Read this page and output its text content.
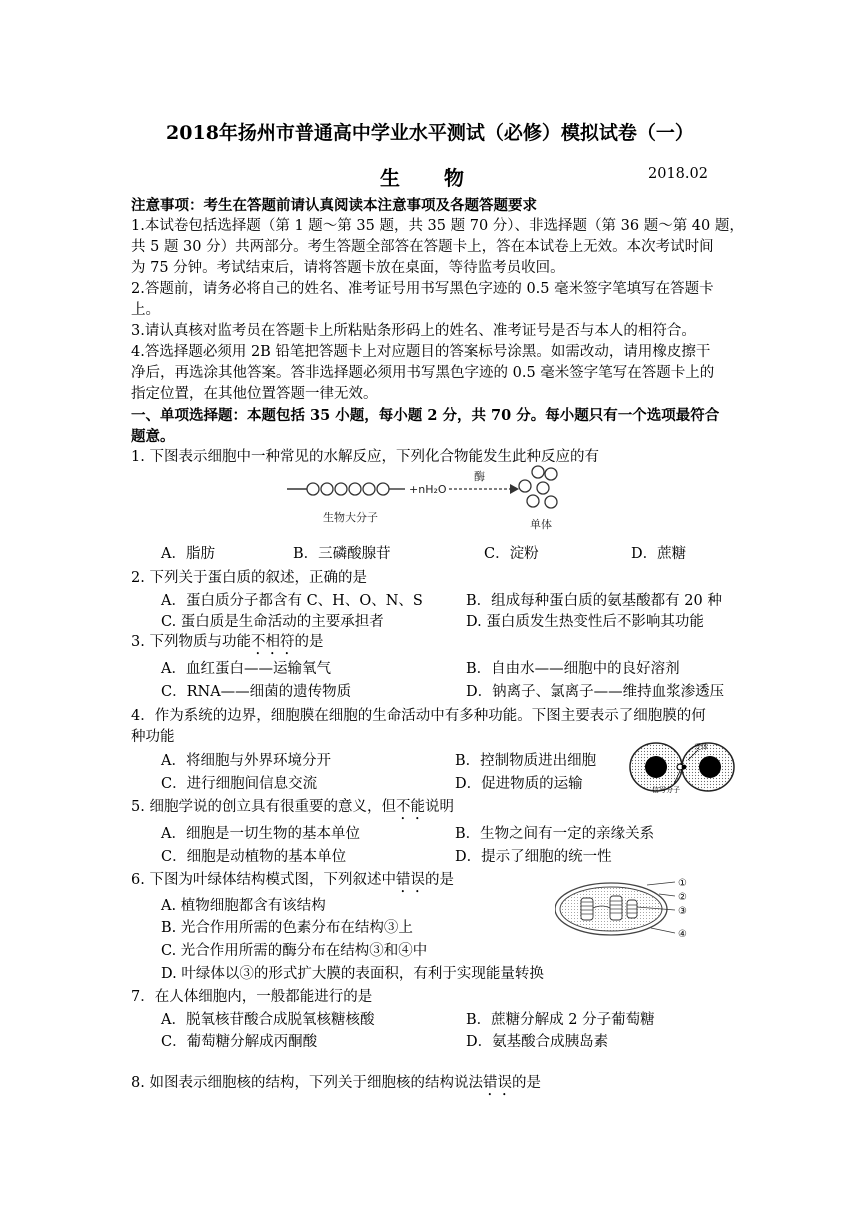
2018年扬州市普通高中学业水平测试（必修）模拟试卷（一）
生物	2018.02
注意事项：考生在答题前请认真阅读本注意事项及各题答题要求
1.本试卷包括选择题（第 1 题～第 35 题，共 35 题 70 分）、非选择题（第 36 题～第 40 题，
共 5 题 30 分）共两部分。考生答题全部答在答题卡上，答在本试卷上无效。本次考试时间
为 75 分钟。考试结束后，请将答题卡放在桌面，等待监考员收回。
2.答题前，请务必将自己的姓名、准考证号用书写黑色字迹的 0.5 毫米签字笔填写在答题卡
上。
3.请认真核对监考员在答题卡上所粘贴条形码上的姓名、准考证号是否与本人的相符合。
4.答选择题必须用 2B 铅笔把答题卡上对应题目的答案标号涂黑。如需改动，请用橡皮擦干
净后，再选涂其他答案。答非选择题必须用书写黑色字迹的 0.5 毫米签字笔写在答题卡上的
指定位置，在其他位置答题一律无效。
一、单项选择题：本题包括 35 小题，每小题 2 分，共 70 分。每小题只有一个选项最符合
题意。
1. 下图表示细胞中一种常见的水解反应，下列化合物能发生此种反应的有
+nH₂O
酶
生物大分子
单体
A．脂肪	B．三磷酸腺苷	C．淀粉	D．蔗糖
2. 下列关于蛋白质的叙述，正确的是
A．蛋白质分子都含有 C、H、O、N、S	B．组成每种蛋白质的氨基酸都有 20 种
C. 蛋白质是生命活动的主要承担者	D. 蛋白质发生热变性后不影响其功能
3. 下列物质与功能不相符的是
A．血红蛋白——运输氧气	B．自由水——细胞中的良好溶剂
C．RNA——细菌的遗传物质	D．钠离子、氯离子——维持血浆渗透压
4．作为系统的边界，细胞膜在细胞的生命活动中有多种功能。下图主要表示了细胞膜的何
种功能
A．将细胞与外界环境分开	B．控制物质进出细胞
C．进行细胞间信息交流	D．促进物质的运输
受体
信号分子
5. 细胞学说的创立具有很重要的意义，但不能说明
A．细胞是一切生物的基本单位	B．生物之间有一定的亲缘关系
C．细胞是动植物的基本单位	D．提示了细胞的统一性
6. 下图为叶绿体结构模式图，下列叙述中错误的是
A. 植物细胞都含有该结构
B. 光合作用所需的色素分布在结构③上
C. 光合作用所需的酶分布在结构③和④中
D. 叶绿体以③的形式扩大膜的表面积，有利于实现能量转换
①
②
③
④
7．在人体细胞内，一般都能进行的是
A．脱氧核苷酸合成脱氧核糖核酸	B．蔗糖分解成 2 分子葡萄糖
C．葡萄糖分解成丙酮酸	D．氨基酸合成胰岛素
8. 如图表示细胞核的结构，下列关于细胞核的结构说法错误的是
